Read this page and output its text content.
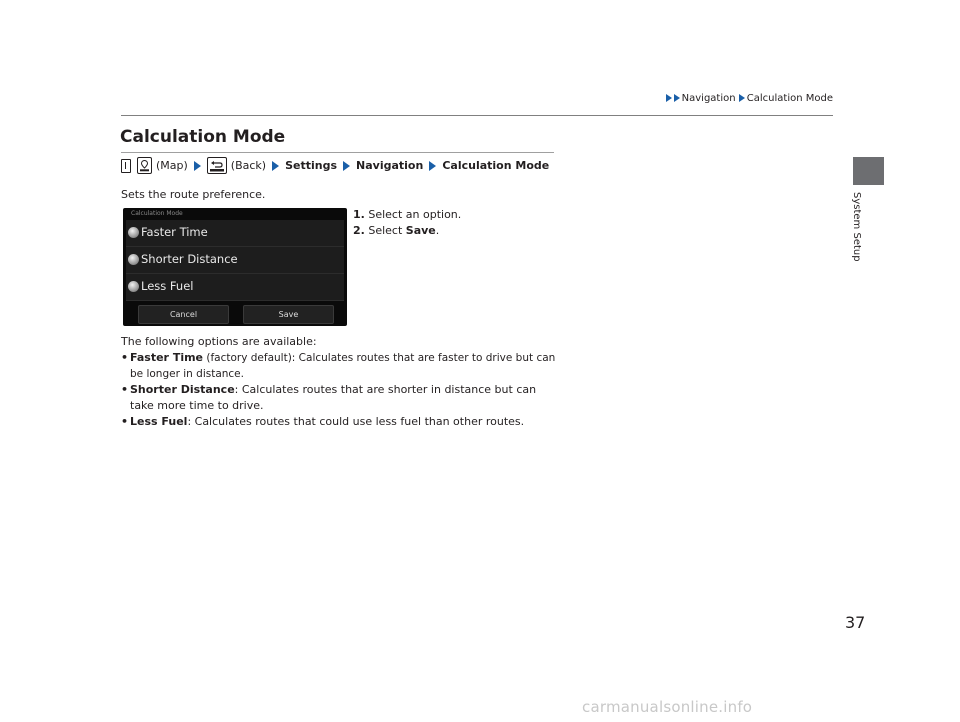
Navigation Calculation Mode
System Setup
Calculation Mode
(Map)	(Back) Settings Navigation Calculation Mode
Sets the route preference.
Calculation Mode
Faster Time
Shorter Distance
Less Fuel
Cancel	Save
1. Select an option.
2. Select Save.
The following options are available:
• Faster Time (factory default): Calculates routes that are faster to drive but can be longer in distance.
• Shorter Distance: Calculates routes that are shorter in distance but can take more time to drive.
• Less Fuel: Calculates routes that could use less fuel than other routes.
37
carmanualsonline.info
